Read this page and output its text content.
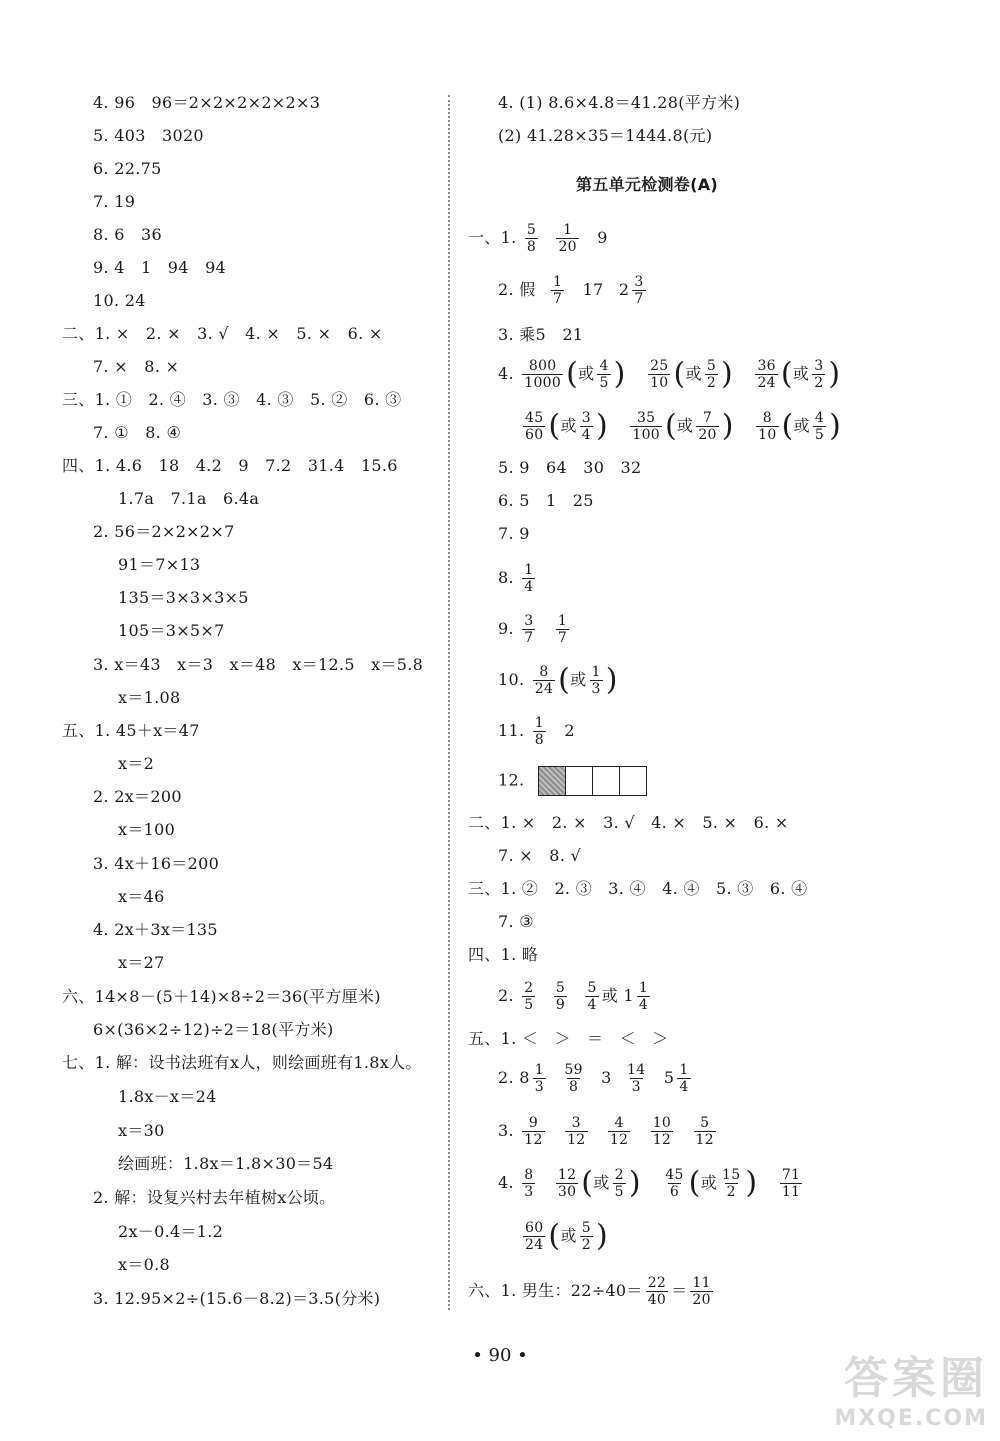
4. 96　96＝2×2×2×2×2×3
5. 403　3020
6. 22.75
7. 19
8. 6　36
9. 4　1　94　94
10. 24
二、1. ×　2. ×　3. √　4. ×　5. ×　6. ×
7. ×　8. ×
三、1. ①　2. ④　3. ③　4. ③　5. ②　6. ③
7. ①　8. ④
四、1. 4.6　18　4.2　9　7.2　31.4　15.6
1.7a　7.1a　6.4a
2. 56＝2×2×2×7
91＝7×13
135＝3×3×3×5
105＝3×5×7
3. x＝43　x＝3　x＝48　x＝12.5　x＝5.8
x＝1.08
五、1. 45＋x＝47
x＝2
2. 2x＝200
x＝100
3. 4x＋16＝200
x＝46
4. 2x＋3x＝135
x＝27
六、14×8－(5＋14)×8÷2＝36(平方厘米)
6×(36×2÷12)÷2＝18(平方米)
七、1. 解：设书法班有x人，则绘画班有1.8x人。
1.8x－x＝24
x＝30
绘画班：1.8x＝1.8×30＝54
2. 解：设复兴村去年植树x公顷。
2x－0.4＝1.2
x＝0.8
3. 12.95×2÷(15.6－8.2)＝3.5(分米)
4. (1) 8.6×4.8＝41.28(平方米)
(2) 41.28×35＝1444.8(元)
第五单元检测卷(A)
一、1. $\frac{5}{8}$
$\frac{1}{20} 9$
2. 假 $\frac{1}{7} 17$ $2 \frac{3}{7}$
3. 乘5　21
4. $\frac{800}{1000}$ (或 $\frac{4}{5}$ ) $\frac{25}{10}$ (或 $\frac{5}{2}$ ) $\frac{36}{24}$ (或 $\frac{3}{2}$ )
$\frac{45}{60}$ (或 $\frac{3}{4}$ ) $\frac{35}{100}$ (或 $\frac{7}{20}$ ) $\frac{8}{10}$ (或 $\frac{4}{5}$ )
5. 9　64　30　32
6. 5　1　25
7. 9
8. $\frac{1}{4}$
9. $\frac{3}{7}$
$\frac{1}{7}$
10. $\frac{8}{24}$ (或 $\frac{1}{3}$ )
11. $\frac{1}{8} 2$
12.
二、1. ×　2. ×　3. √　4. ×　5. ×　6. ×
7. ×　8. √
三、1. ②　2. ③　3. ④　4. ④　5. ③　6. ④
7. ③
四、1. 略
2. $\frac{2}{5}$
$\frac{5}{9}$
$\frac{5}{4}$ 或 $1 \frac{1}{4}$
五、1. ＜　＞　＝　＜　＞
2. $8 \frac{1}{3}$
$\frac{59}{8} 3 \frac{14}{3} 5 \frac{1}{4}$
3. $\frac{9}{12}$
$\frac{3}{12}$
$\frac{4}{12}$
$\frac{10}{12}$
$\frac{5}{12}$
4. $\frac{8}{3}$
$\frac{12}{30}$ (或 $\frac{2}{5}$ ) $\frac{45}{6}$ (或 $\frac{15}{2}$ ) $\frac{71}{11}$
$\frac{60}{24}$ (或 $\frac{5}{2}$ )
六、1. 男生：$22\div 40= \frac{22}{40} = \frac{11}{20}$
• 90 •	答案圈
MXQE.COM
